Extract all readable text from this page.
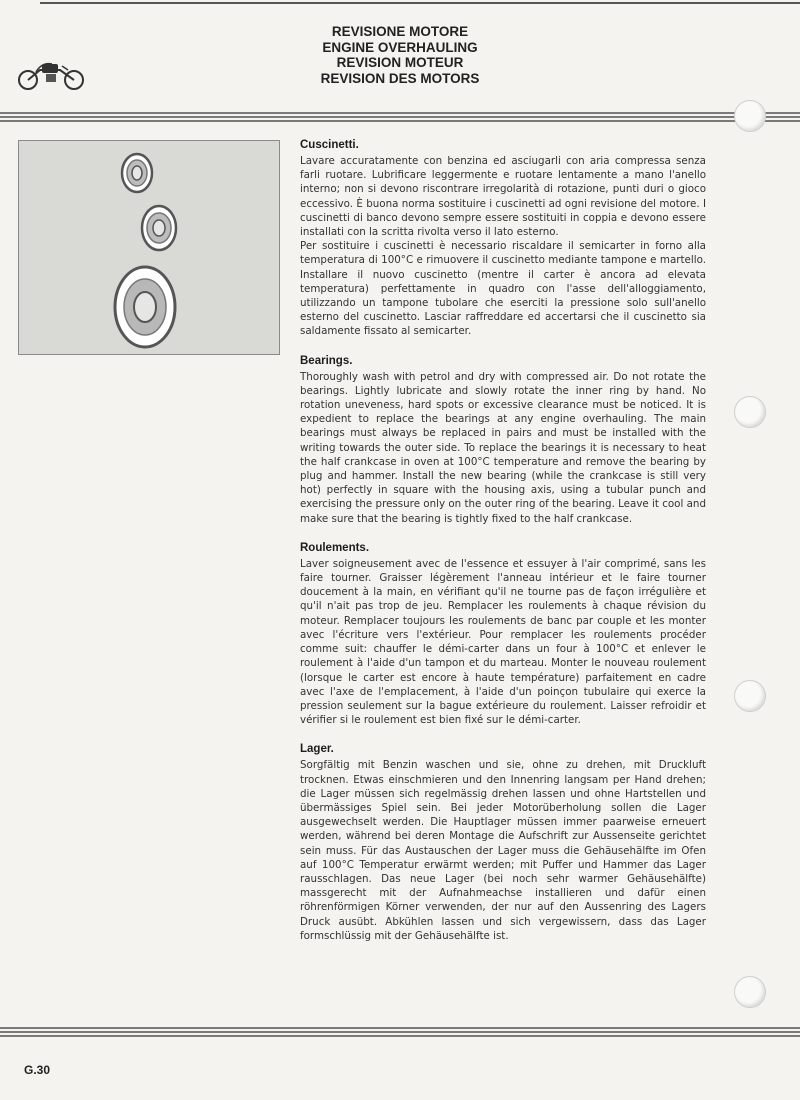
REVISIONE MOTORE
ENGINE OVERHAULING
REVISION MOTEUR
REVISION DES MOTORS
Cuscinetti.

Lavare accuratamente con benzina ed asciugarli con aria compressa senza farli ruotare. Lubrificare leggermente e ruotare lentamente a mano l'anello interno; non si devono riscontrare irregolarità di rotazione, punti duri o gioco eccessivo. È buona norma sostituire i cuscinetti ad ogni revisione del motore. I cuscinetti di banco devono sempre essere sostituiti in coppia e devono essere installati con la scritta rivolta verso il lato esterno.

Per sostituire i cuscinetti è necessario riscaldare il semicarter in forno alla temperatura di 100°C e rimuovere il cuscinetto mediante tampone e martello. Installare il nuovo cuscinetto (mentre il carter è ancora ad elevata temperatura) perfettamente in quadro con l'asse dell'alloggiamento, utilizzando un tampone tubolare che eserciti la pressione solo sull'anello esterno del cuscinetto. Lasciar raffreddare ed accertarsi che il cuscinetto sia saldamente fissato al semicarter.

Bearings.

Thoroughly wash with petrol and dry with compressed air. Do not rotate the bearings. Lightly lubricate and slowly rotate the inner ring by hand. No rotation uneveness, hard spots or excessive clearance must be noticed. It is expedient to replace the bearings at any engine overhauling. The main bearings must always be replaced in pairs and must be installed with the writing towards the outer side. To replace the bearings it is necessary to heat the half crankcase in oven at 100°C temperature and remove the bearing by plug and hammer. Install the new bearing (while the crankcase is still very hot) perfectly in square with the housing axis, using a tubular punch and exercising the pressure only on the outer ring of the bearing. Leave it cool and make sure that the bearing is tightly fixed to the half crankcase.

Roulements.

Laver soigneusement avec de l'essence et essuyer à l'air comprimé, sans les faire tourner. Graisser légèrement l'anneau intérieur et le faire tourner doucement à la main, en vérifiant qu'il ne tourne pas de façon irrégulière et qu'il n'ait pas trop de jeu. Remplacer les roulements à chaque révision du moteur. Remplacer toujours les roulements de banc par couple et les monter avec l'écriture vers l'extérieur. Pour remplacer les roulements procéder comme suit: chauffer le démi-carter dans un four à 100°C et enlever le roulement à l'aide d'un tampon et du marteau. Monter le nouveau roulement (lorsque le carter est encore à haute température) parfaitement en cadre avec l'axe de l'emplacement, à l'aide d'un poinçon tubulaire qui exerce la pression seulement sur la bague extérieure du roulement. Laisser refroidir et vérifier si le roulement est bien fixé sur le démi-carter.

Lager.

Sorgfältig mit Benzin waschen und sie, ohne zu drehen, mit Druckluft trocknen. Etwas einschmieren und den Innenring langsam per Hand drehen; die Lager müssen sich regelmässig drehen lassen und ohne Hartstellen und übermässiges Spiel sein. Bei jeder Motorüberholung sollen die Lager ausgewechselt werden. Die Hauptlager müssen immer paarweise erneuert werden, während bei deren Montage die Aufschrift zur Aussenseite gerichtet sein muss. Für das Austauschen der Lager muss die Gehäusehälfte im Ofen auf 100°C Temperatur erwärmt werden; mit Puffer und Hammer das Lager rausschlagen. Das neue Lager (bei noch sehr warmer Gehäusehälfte) massgerecht mit der Aufnahmeachse installieren und dafür einen röhrenförmigen Körner verwenden, der nur auf den Aussenring des Lagers Druck ausübt. Abkühlen lassen und sich vergewissern, dass das Lager formschlüssig mit der Gehäusehälfte ist.

G.30
